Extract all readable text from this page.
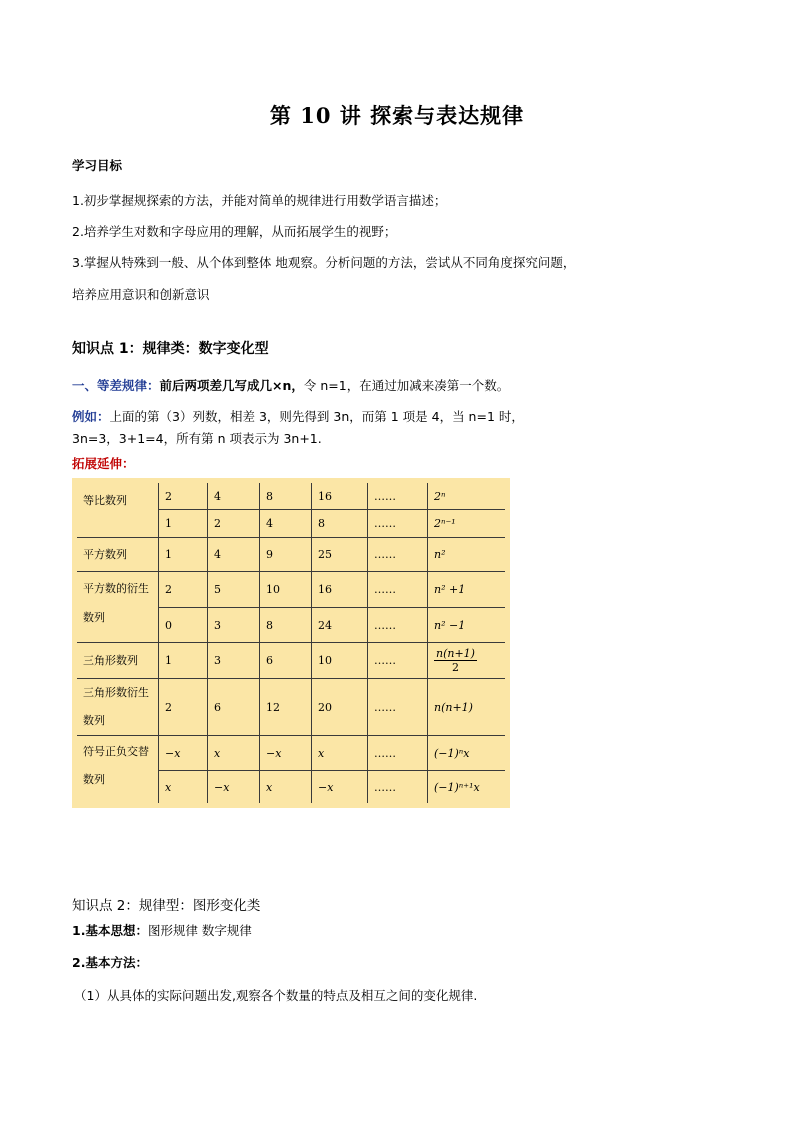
第 10 讲 探索与表达规律
学习目标
1.初步掌握规探索的方法，并能对简单的规律进行用数学语言描述；
2.培养学生对数和字母应用的理解，从而拓展学生的视野；
3.掌握从特殊到一般、从个体到整体 地观察。分析问题的方法，尝试从不同角度探究问题，
培养应用意识和创新意识
知识点 1：规律类：数字变化型
一、等差规律：前后两项差几写成几×n，令 n=1，在通过加减来凑第一个数。
例如：上面的第（3）列数，相差 3，则先得到 3n，而第 1 项是 4，当 n=1 时，
3n=3，3+1=4，所有第 n 项表示为 3n+1.
拓展延伸：
等比数列	2	4	8	16	……	2ⁿ
	1	2	4	8	……	2ⁿ⁻¹
平方数列	1	4	9	25	……	n²
平方数的衍生数列	2	5	10	16	……	n² +1
	0	3	8	24	……	n² −1
三角形数列	1	3	6	10	……	$\frac{n(n+1)}{2}$

三角形数衍生数列	2	6	12	20	……	n(n+1)
符号正负交替数列	−x	x	−x	x	……	(−1)ⁿx
	x	−x	x	−x	……	(−1)ⁿ⁺¹x
知识点 2：规律型：图形变化类
1.基本思想：图形规律 数字规律
2.基本方法：
（1）从具体的实际问题出发,观察各个数量的特点及相互之间的变化规律.
